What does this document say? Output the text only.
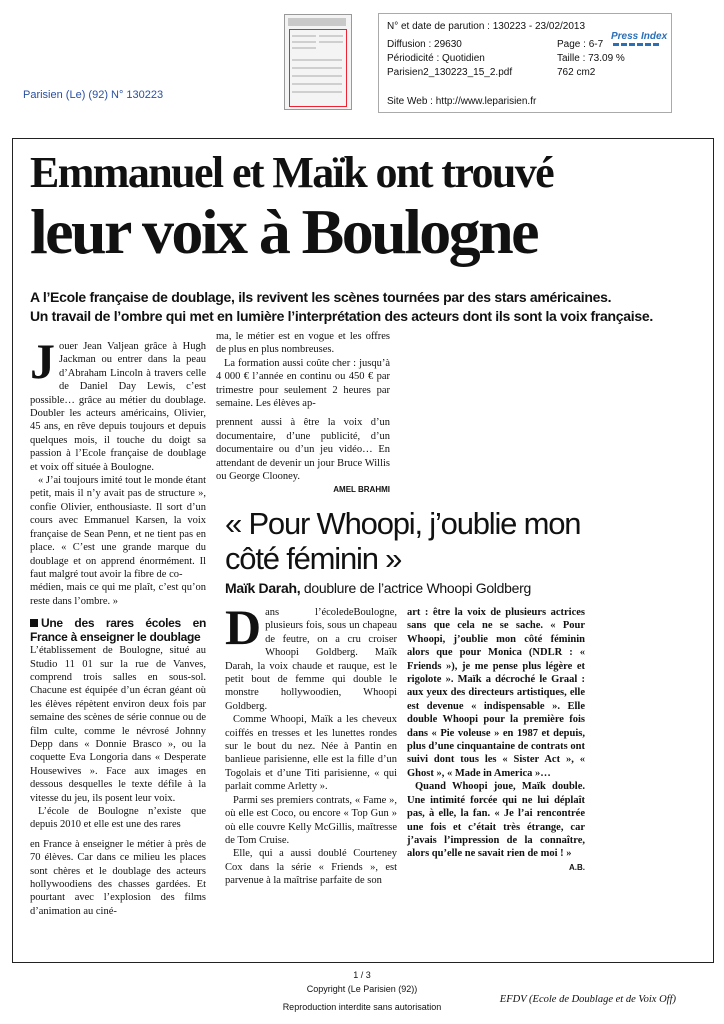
N° et date de parution : 130223 - 23/02/2013
Diffusion : 29630	Page : 6-7
Périodicité : Quotidien	Taille : 73.09 %
Parisien2_130223_15_2.pdf	762 cm2
Site Web : http://www.leparisien.fr
Press Index
Parisien (Le) (92) N° 130223
Emmanuel et Maïk ont trouvé
leur voix à Boulogne
A l’Ecole française de doublage, ils revivent les scènes tournées par des stars américaines.
Un travail de l’ombre qui met en lumière l’interprétation des acteurs dont ils sont la voix française.
J ouer Jean Valjean grâce à Hugh Jackman ou entrer dans la peau d’Abraham Lincoln à travers celle de Daniel Day Lewis, c’est possible… grâce au métier du doublage. Doubler les acteurs américains, Olivier, 45 ans, en rêve depuis toujours et depuis quelques mois, il touche du doigt sa passion à l’Ecole française de doublage et voix off située à Boulogne.

« J’ai toujours imité tout le monde étant petit, mais il n’y avait pas de structure », confie Olivier, enthousiaste. Il sort d’un cours avec Emmanuel Karsen, la voix française de Sean Penn, et ne tient pas en place. « C’est une grande marque du doublage et on apprend énormément. Il faut malgré tout avoir la fibre de co-

médien, mais ce qui me plaît, c’est qu’on reste dans l’ombre. »

Une des rares écoles en France à enseigner le doublage

L’établissement de Boulogne, situé au Studio 11 01 sur la rue de Vanves, comprend trois salles en sous-sol. Chacune est équipée d’un écran géant où les élèves répètent environ deux fois par semaine des scènes de série connue ou de film culte, comme le névrosé Johnny Depp dans « Donnie Brasco », ou la coquette Eva Longoria dans « Desperate Housewives ». Face aux images en dessous desquelles le texte défile à la vitesse du jeu, ils posent leur voix.

L’école de Boulogne n’existe que depuis 2010 et elle est une des rares

en France à enseigner le métier à près de 70 élèves. Car dans ce milieu les places sont chères et le doublage des acteurs hollywoodiens des chasses gardées. Et pourtant avec l’explosion des films d’animation au ciné-

ma, le métier est en vogue et les offres de plus en plus nombreuses.

La formation aussi coûte cher : jusqu’à 4 000 € l’année en continu ou 450 € par trimestre pour seulement 2 heures par semaine. Les élèves ap-

prennent aussi à être la voix d’un documentaire, d’une publicité, d’un documentaire ou d’un jeu vidéo… En attendant de devenir un jour Bruce Willis ou George Clooney.

AMEL BRAHMI
« Pour Whoopi, j’oublie mon côté féminin »
Maïk Darah, doublure de l’actrice Whoopi Goldberg
D ans l’écoledeBoulogne, plusieurs fois, sous un chapeau de feutre, on a cru croiser Whoopi Goldberg. Maïk Darah, la voix chaude et rauque, est le petit bout de femme qui double le monstre hollywoodien, Whoopi Goldberg.

Comme Whoopi, Maïk a les cheveux coiffés en tresses et les lunettes rondes sur le bout du nez. Née à Pantin en banlieue parisienne, elle est la fille d’un Togolais et d’une Titi parisienne, « qui parlait comme Arletty ».

Parmi ses premiers contrats, « Fame », où elle est Coco, ou encore « Top Gun » où elle couvre Kelly McGillis, maîtresse de Tom Cruise.

Elle, qui a aussi doublé Courteney Cox dans la série « Friends », est parvenue à la maîtrise parfaite de son

art : être la voix de plusieurs actrices sans que cela ne se sache. « Pour Whoopi, j’oublie mon côté féminin alors que pour Monica (NDLR : « Friends »), je me pense plus légère et rigolote ». Maïk a décroché le Graal : aux yeux des directeurs artistiques, elle est devenue « indispensable ». Elle double Whoopi pour la première fois dans « Pie voleuse » en 1987 et depuis, plus d’une cinquantaine de contrats ont suivi dont tous les « Sister Act », « Ghost », « Made in America »…

Quand Whoopi joue, Maïk double. Une intimité forcée qui ne lui déplaît pas, à elle, la fan. « Je l’ai rencontrée une fois et c’était très étrange, car j’avais l’impression de la connaître, alors qu’elle ne savait rien de moi ! »

A.B.
1 / 3
Copyright (Le Parisien (92))
Reproduction interdite sans autorisation
EFDV (Ecole de Doublage et de Voix Off)
